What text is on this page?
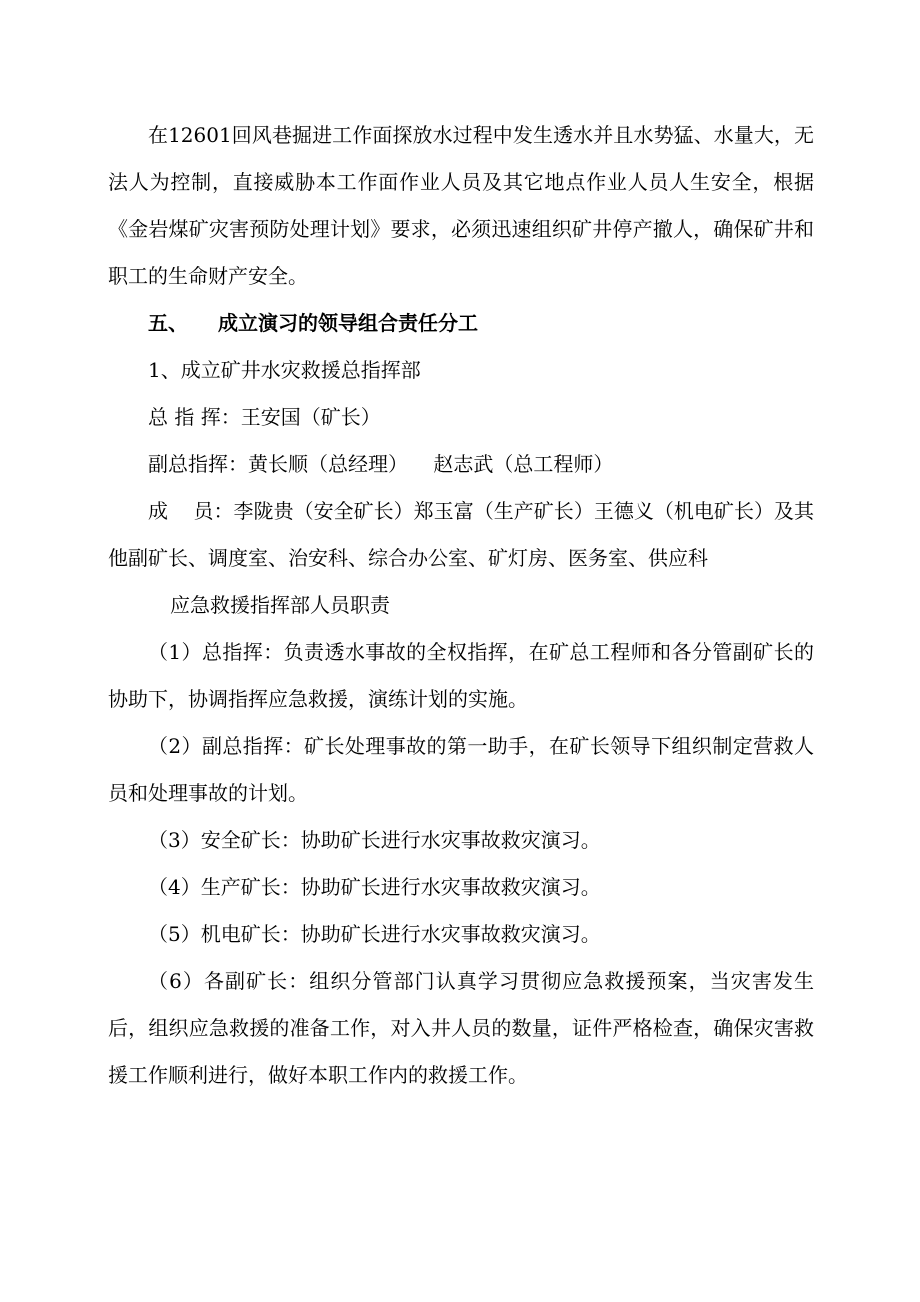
在12601回风巷掘进工作面探放水过程中发生透水并且水势猛、水量大，无法人为控制，直接威胁本工作面作业人员及其它地点作业人员人生安全，根据《金岩煤矿灾害预防处理计划》要求，必须迅速组织矿井停产撤人，确保矿井和职工的生命财产安全。

五、 成立演习的领导组合责任分工

1、成立矿井水灾救援总指挥部

总 指 挥：王安国（矿长）

副总指挥：黄长顺（总经理）    赵志武（总工程师）

成    员：李陇贵（安全矿长）郑玉富（生产矿长）王德义（机电矿长）及其他副矿长、调度室、治安科、综合办公室、矿灯房、医务室、供应科

应急救援指挥部人员职责

（1）总指挥：负责透水事故的全权指挥，在矿总工程师和各分管副矿长的协助下，协调指挥应急救援，演练计划的实施。

（2）副总指挥：矿长处理事故的第一助手，在矿长领导下组织制定营救人员和处理事故的计划。

（3）安全矿长：协助矿长进行水灾事故救灾演习。

（4）生产矿长：协助矿长进行水灾事故救灾演习。

（5）机电矿长：协助矿长进行水灾事故救灾演习。

（6）各副矿长：组织分管部门认真学习贯彻应急救援预案，当灾害发生后，组织应急救援的准备工作，对入井人员的数量，证件严格检查，确保灾害救援工作顺利进行，做好本职工作内的救援工作。
